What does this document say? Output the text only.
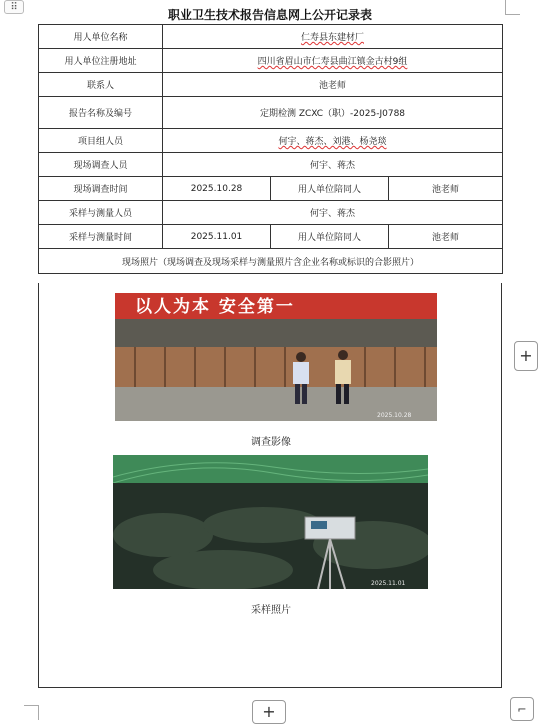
⠿
职业卫生技术报告信息网上公开记录表
用人单位名称	仁寿县东建材厂		
用人单位注册地址	四川省眉山市仁寿县曲江镇金古村9组		
联系人	池老师		
报告名称及编号	定期检测 ZCXC（职）-2025-J0788		
项目组人员	何宇、蒋杰、刘港、杨尧琰		
现场调查人员	何宇、蒋杰		
现场调查时间	2025.10.28	用人单位陪同人	池老师
采样与测量人员	何宇、蒋杰		
采样与测量时间	2025.11.01	用人单位陪同人	池老师
现场照片（现场调查及现场采样与测量照片含企业名称或标识的合影照片）			
以人为本 安全第一
2025.10.28
调查影像
2025.11.01
采样照片
+
+	⌐
